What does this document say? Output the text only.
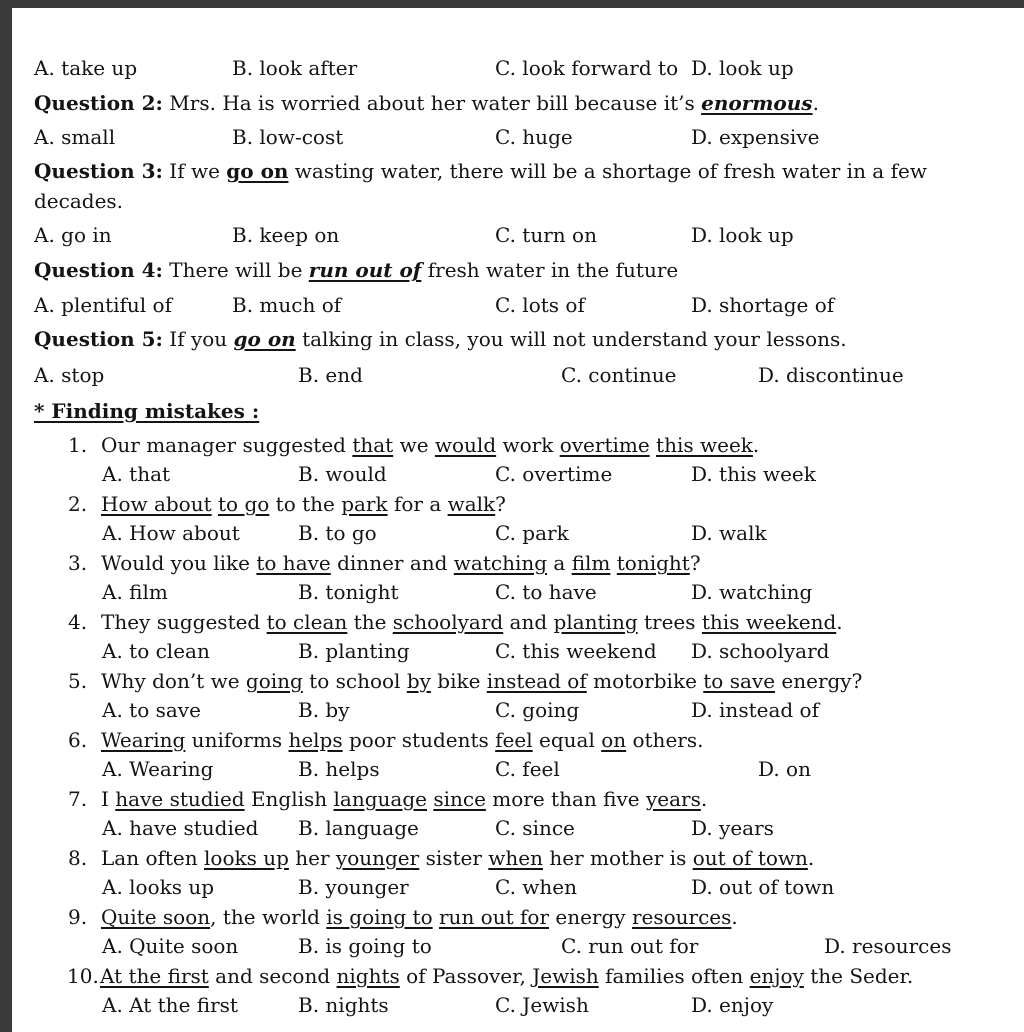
A. take up	B. look after	C. look forward to D. look up
Question 2: Mrs. Ha is worried about her water bill because it’s enormous.
A. small	B. low-cost	C. huge	D. expensive
Question 3: If we go on wasting water, there will be a shortage of fresh water in a few
decades.
A. go in	B. keep on	C. turn on	D. look up
Question 4: There will be run out of fresh water in the future
A. plentiful of	B. much of	C. lots of	D. shortage of
Question 5: If you go on talking in class, you will not understand your lessons.
A. stop	B. end	C. continue	D. discontinue
* Finding mistakes :
1. Our manager suggested that we would work overtime this week.
A. that	B. would	C. overtime	D. this week
2. How about to go to the park for a walk?
A. How about	B. to go	C. park	D. walk
3. Would you like to have dinner and watching a film tonight?
A. film	B. tonight	C. to have	D. watching
4. They suggested to clean the schoolyard and planting trees this weekend.
A. to clean	B. planting	C. this weekend D. schoolyard
5. Why don’t we going to school by bike instead of motorbike to save energy?
A. to save	B. by	C. going	D. instead of
6. Wearing uniforms helps poor students feel equal on others.
A. Wearing	B. helps	C. feel	D. on
7. I have studied English language since more than five years.
A. have studied B. language	C. since	D. years
8. Lan often looks up her younger sister when her mother is out of town.
A. looks up	B. younger	C. when	D. out of town
9. Quite soon, the world is going to run out for energy resources.
A. Quite soon	B. is going to	C. run out for	D. resources
10. At the first and second nights of Passover, Jewish families often enjoy the Seder.
A. At the first	B. nights	C. Jewish	D. enjoy
